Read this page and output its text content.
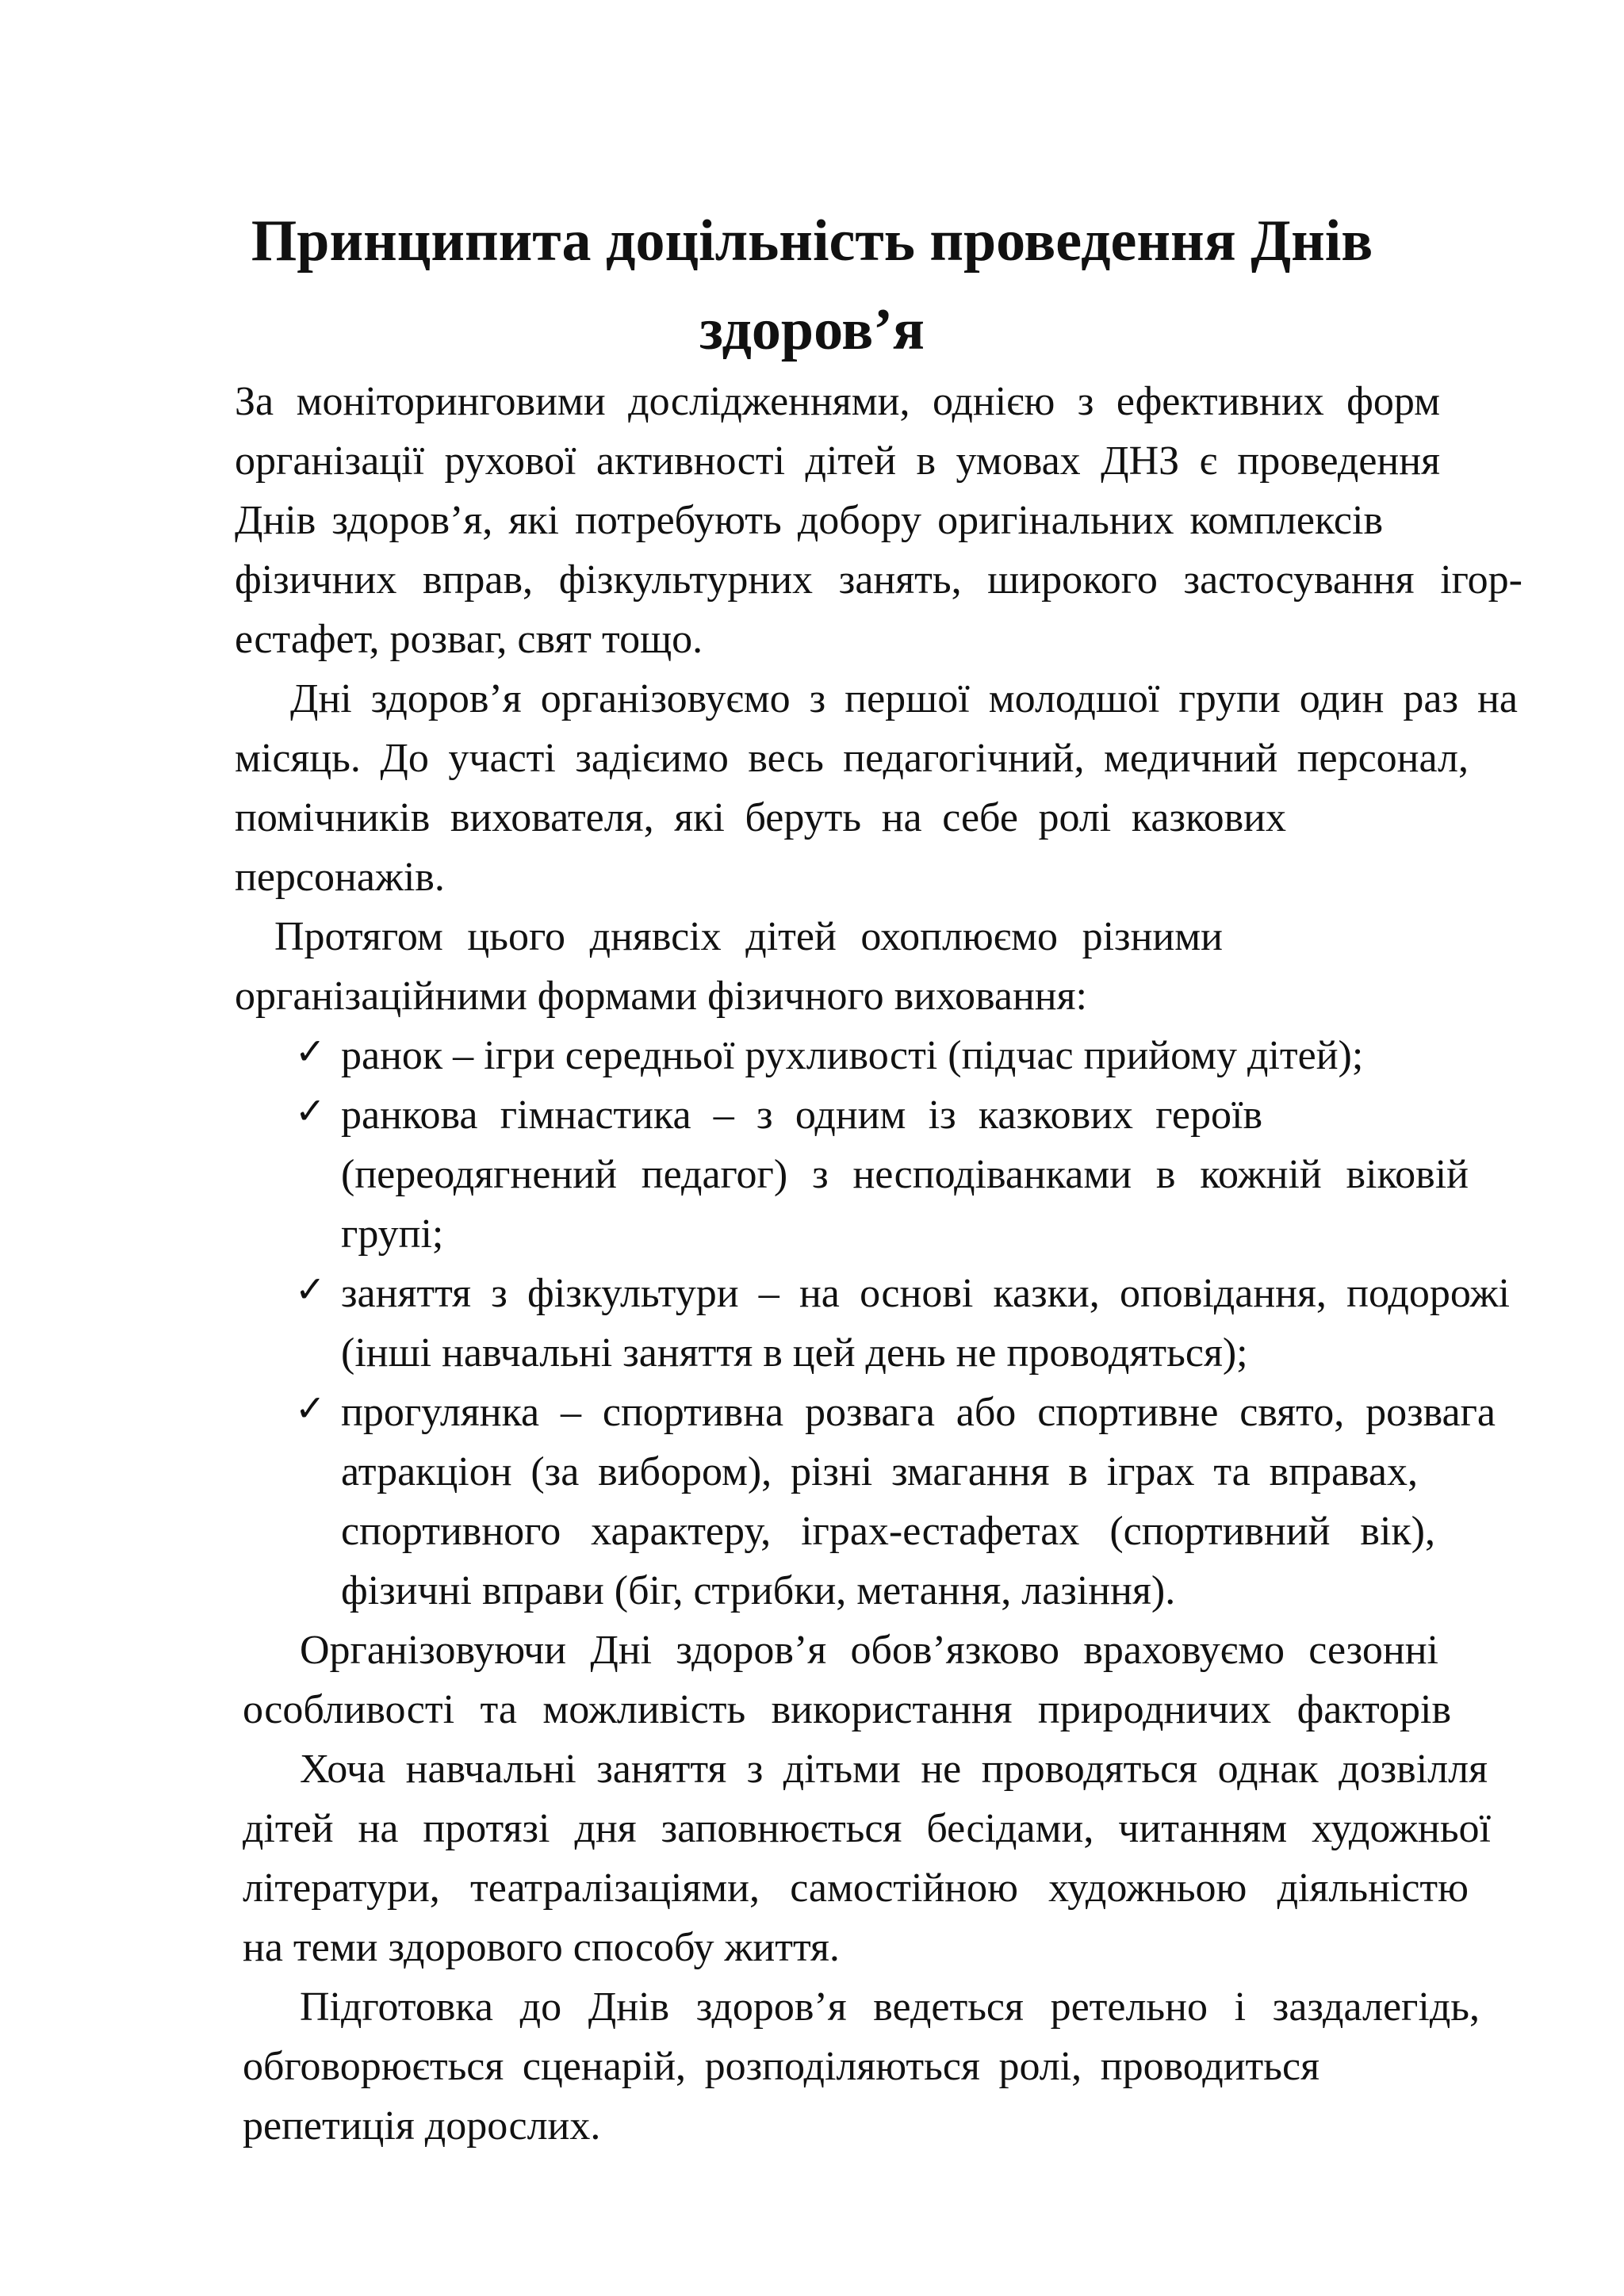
Принципита доцільність проведення Днів
здоров’я
За моніторинговими дослідженнями, однією з ефективних форм
організації рухової активності дітей в умовах ДНЗ є проведення
Днів здоров’я, які потребують добору оригінальних комплексів
фізичних вправ, фізкультурних занять, широкого застосування ігор-
естафет, розваг, свят тощо.
Дні здоров’я організовуємо з першої молодшої групи один раз на
місяць. До участі задієимо весь педагогічний, медичний персонал,
помічників вихователя, які беруть на себе ролі казкових
персонажів.
Протягом цього днявсіх дітей охоплюємо різними
організаційними формами фізичного виховання:
✓ ранок – ігри середньої рухливості (підчас прийому дітей);
✓ ранкова гімнастика – з одним із казкових героїв
(переодягнений педагог) з несподіванками в кожній віковій
групі;
✓ заняття з фізкультури – на основі казки, оповідання, подорожі
(інші навчальні заняття в цей день не проводяться);
✓ прогулянка – спортивна розвага або спортивне свято, розвага
атракціон (за вибором), різні змагання в іграх та вправах,
спортивного характеру, іграх-естафетах (спортивний вік),
фізичні вправи (біг, стрибки, метання, лазіння).
Організовуючи Дні здоров’я обов’язково враховуємо сезонні
особливості та можливість використання природничих факторів
Хоча навчальні заняття з дітьми не проводяться однак дозвілля
дітей на протязі дня заповнюється бесідами, читанням художньої
літератури, театралізаціями, самостійною художньою діяльністю
на теми здорового способу життя.
Підготовка до Днів здоров’я ведеться ретельно і заздалегідь,
обговорюється сценарій, розподіляються ролі, проводиться
репетиція дорослих.
